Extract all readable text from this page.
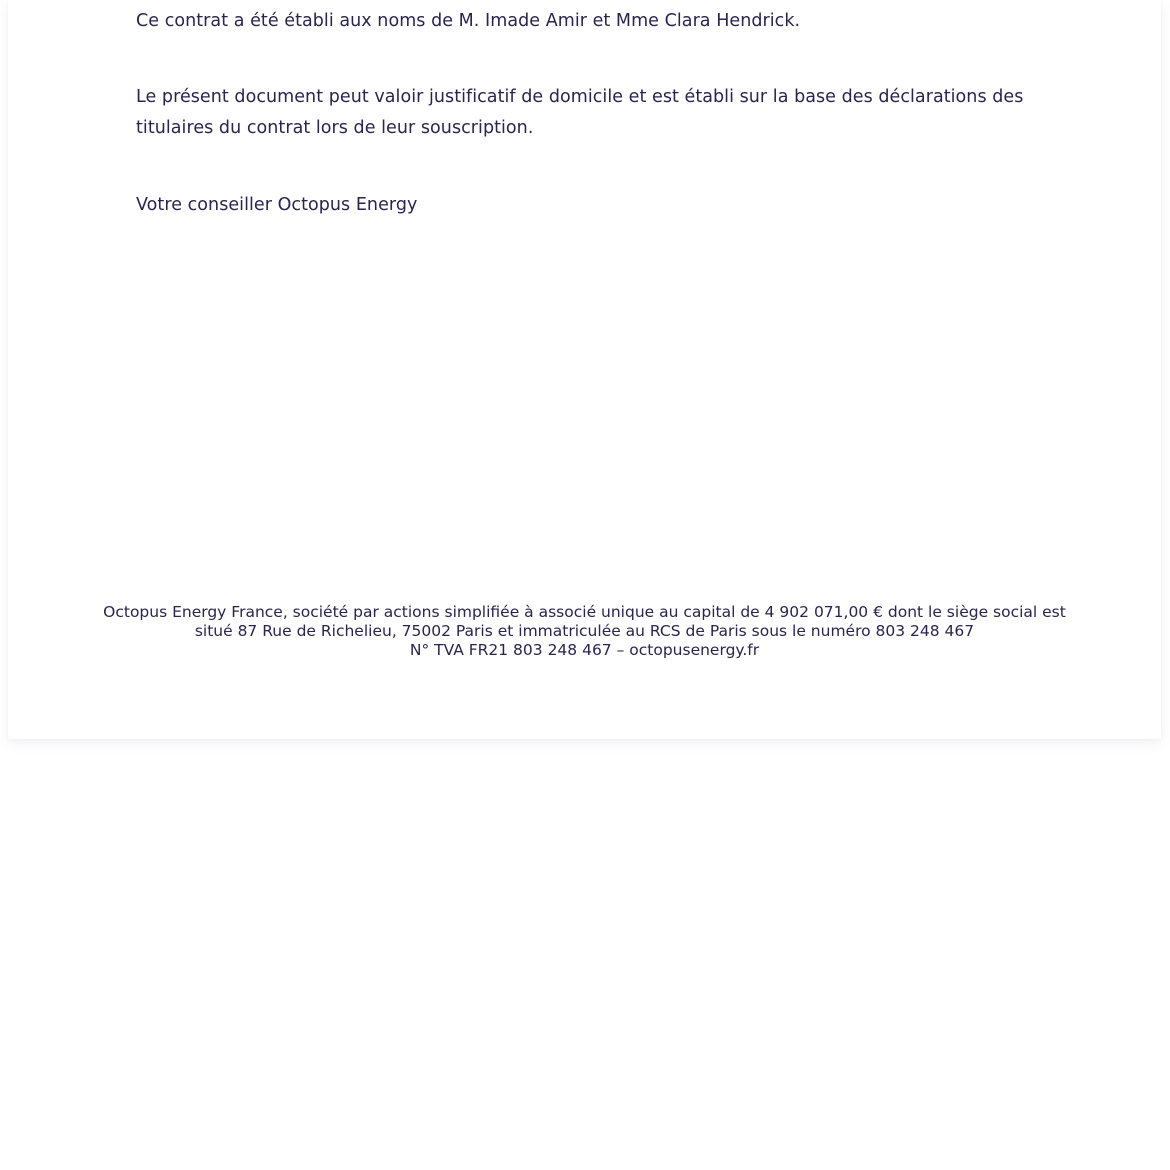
Ce contrat a été établi aux noms de M. Imade Amir et Mme Clara Hendrick.

Le présent document peut valoir justificatif de domicile et est établi sur la base des déclarations des titulaires du contrat lors de leur souscription.

Votre conseiller Octopus Energy

Octopus Energy France, société par actions simplifiée à associé unique au capital de 4 902 071,00 € dont le siège social est
situé 87 Rue de Richelieu, 75002 Paris et immatriculée au RCS de Paris sous le numéro 803 248 467
N° TVA FR21 803 248 467 – octopusenergy.fr
